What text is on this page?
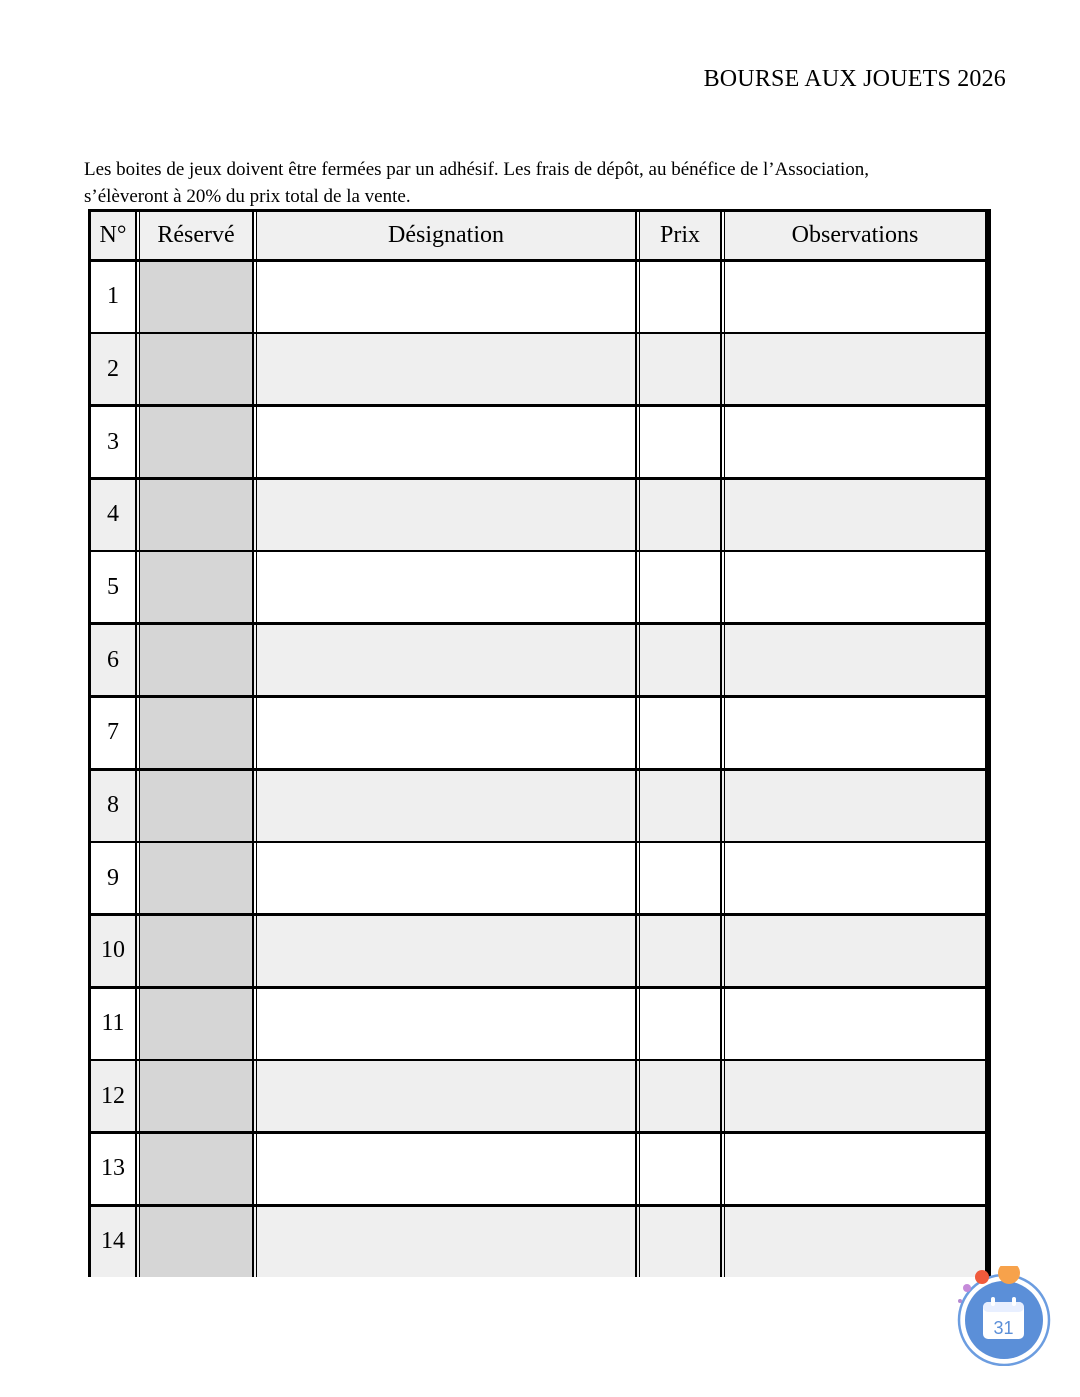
BOURSE AUX JOUETS 2026
Les boites de jeux doivent être fermées par un adhésif. Les frais de dépôt, au bénéfice de l’Association,
s’élèveront à 20% du prix total de la vente.
N°	Réservé	Désignation	Prix	Observations
1
2
3
4
5
6
7
8
9
10
11
12
13
14
31
